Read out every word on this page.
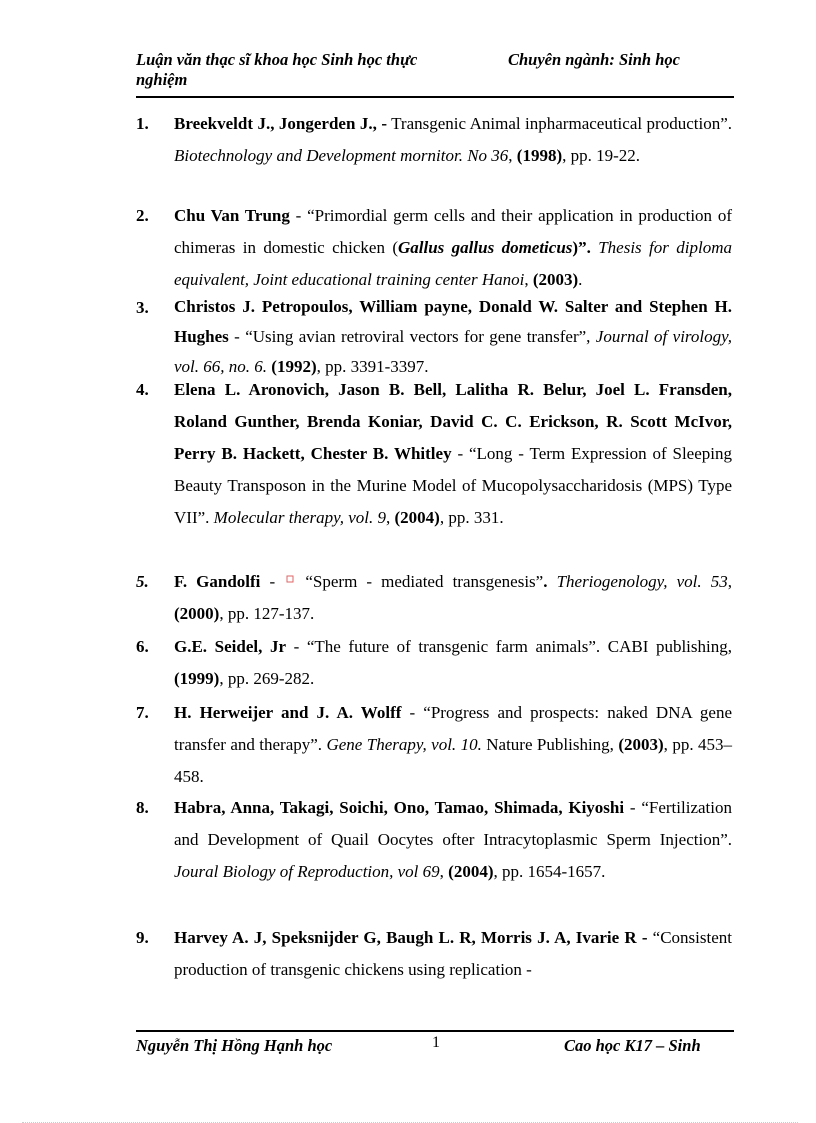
Luận văn thạc sĩ khoa học Sinh học thực nghiệm
Chuyên ngành: Sinh học
1. Breekveldt J., Jongerden J., - Transgenic Animal inpharmaceutical production”. Biotechnology and Development mornitor. No 36, (1998), pp. 19-22.
2. Chu Van Trung - “Primordial germ cells and their application in production of chimeras in domestic chicken (Gallus gallus dometicus)”. Thesis for diploma equivalent, Joint educational training center Hanoi, (2003).
3. Christos J. Petropoulos, William payne, Donald W. Salter and Stephen H. Hughes - “Using avian retroviral vectors for gene transfer”, Journal of virology, vol. 66, no. 6. (1992), pp. 3391-3397.
4. Elena L. Aronovich, Jason B. Bell, Lalitha R. Belur, Joel L. Fransden, Roland Gunther, Brenda Koniar, David C. C. Erickson, R. Scott McIvor, Perry B. Hackett, Chester B. Whitley - “Long - Term Expression of Sleeping Beauty Transposon in the Murine Model of Mucopolysaccharidosis (MPS) Type VII”. Molecular therapy, vol. 9, (2004), pp. 331.
5. F. Gandolfi -  “Sperm - mediated transgenesis”. Theriogenology, vol. 53, (2000), pp. 127-137.
6. G.E. Seidel, Jr - “The future of transgenic farm animals”. CABI publishing, (1999), pp. 269-282.
7. H. Herweijer and J. A. Wolff - “Progress and prospects: naked DNA gene transfer and therapy”. Gene Therapy, vol. 10. Nature Publishing, (2003), pp. 453–458.
8. Habra, Anna, Takagi, Soichi, Ono, Tamao, Shimada, Kiyoshi - “Fertilization and Development of Quail Oocytes ofter Intracytoplasmic Sperm Injection”. Joural Biology of Reproduction, vol 69, (2004), pp. 1654-1657.
9. Harvey A. J, Speksnijder G, Baugh L. R, Morris J. A, Ivarie R - “Consistent production of transgenic chickens using replication -
Nguyễn Thị Hồng Hạnh học	1	Cao học K17 – Sinh
